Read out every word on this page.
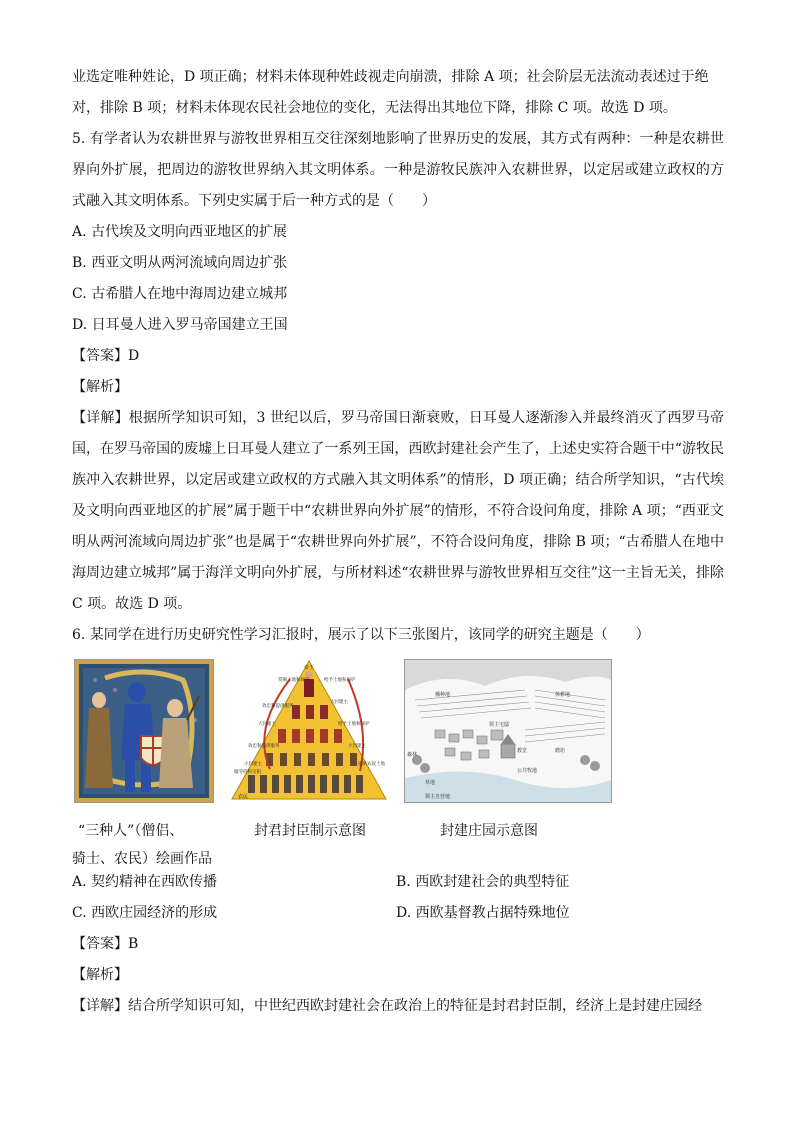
业选定唯种姓论，D 项正确；材料未体现种姓歧视走向崩溃，排除 A 项；社会阶层无法流动表述过于绝
对，排除 B 项；材料未体现农民社会地位的变化，无法得出其地位下降，排除 C 项。故选 D 项。
5. 有学者认为农耕世界与游牧世界相互交往深刻地影响了世界历史的发展，其方式有两种：一种是农耕世界向外扩展，把周边的游牧世界纳入其文明体系。一种是游牧民族冲入农耕世界，以定居或建立政权的方式融入其文明体系。下列史实属于后一种方式的是（　　）
A. 古代埃及文明向西亚地区的扩展
B. 西亚文明从两河流域向周边扩张
C. 古希腊人在地中海周边建立城邦
D. 日耳曼人进入罗马帝国建立王国
【答案】D
【解析】
【详解】根据所学知识可知，3 世纪以后，罗马帝国日渐衰败，日耳曼人逐渐渗入并最终消灭了西罗马帝国，在罗马帝国的废墟上日耳曼人建立了一系列王国，西欧封建社会产生了，上述史实符合题干中“游牧民族冲入农耕世界，以定居或建立政权的方式融入其文明体系”的情形，D 项正确；结合所学知识，“古代埃及文明向西亚地区的扩展”属于题干中“农耕世界向外扩展”的情形，不符合设问角度，排除 A 项；“西亚文明从两河流域向周边扩张”也是属于“农耕世界向外扩展”，不符合设问角度，排除 B 项；“古希腊人在地中海周边建立城邦”属于海洋文明向外扩展，与所材料述“农耕世界与游牧世界相互交往”这一主旨无关，排除 C 项。故选 D 项。
6. 某同学在进行历史研究性学习汇报时，展示了以下三张图片，该同学的研究主题是（　　）
帝王
赏赐土地和保护	给予土地和保护
效忠和提供服务
大封建主
大封建主	给予土地和保护
效忠和提供服务	小封建主
小封建主	提供农奴土地
服劳役和交租
农民
播种地	休耕地
领主宅邸
教堂	磨坊
草地
公共牧地
森林
领主自营地
“三种人”（僧侣、
骑士、农民）绘画作品
封君封臣制示意图	封建庄园示意图
A. 契约精神在西欧传播	B. 西欧封建社会的典型特征
C. 西欧庄园经济的形成	D. 西欧基督教占据特殊地位
【答案】B
【解析】
【详解】结合所学知识可知，中世纪西欧封建社会在政治上的特征是封君封臣制，经济上是封建庄园经
